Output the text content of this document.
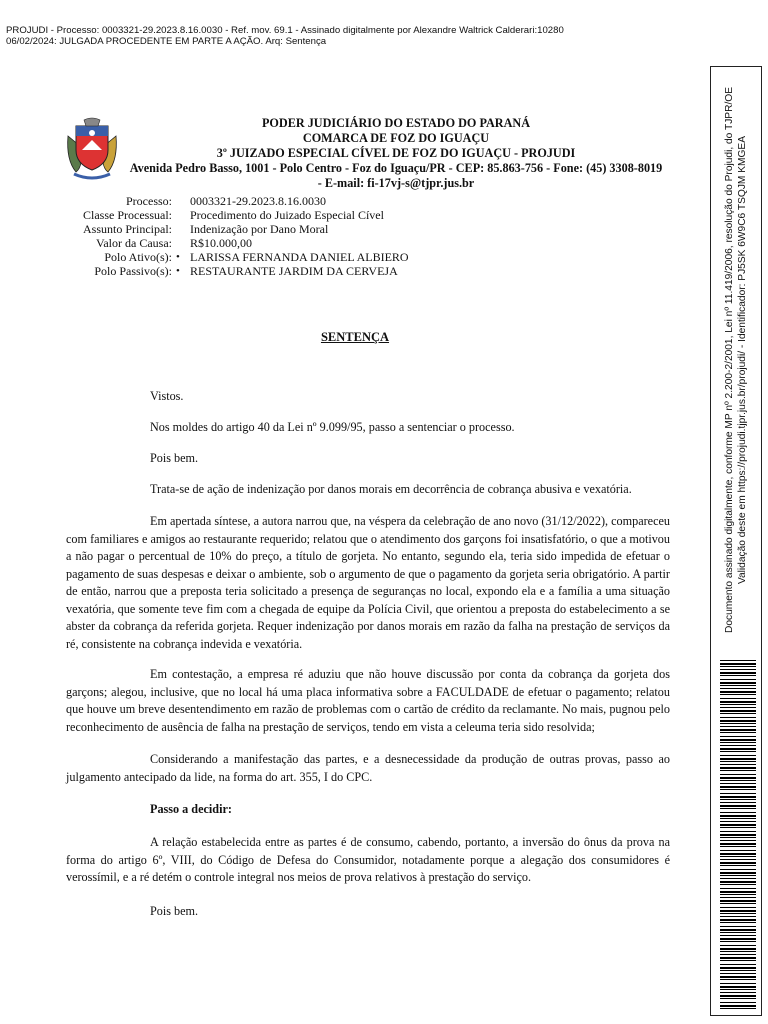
PROJUDI - Processo: 0003321-29.2023.8.16.0030 - Ref. mov. 69.1 - Assinado digitalmente por Alexandre Waltrick Calderari:10280
06/02/2024: JULGADA PROCEDENTE EM PARTE A AÇÃO. Arq: Sentença
PODER JUDICIÁRIO DO ESTADO DO PARANÁ
COMARCA DE FOZ DO IGUAÇU
3º JUIZADO ESPECIAL CÍVEL DE FOZ DO IGUAÇU - PROJUDI
Avenida Pedro Basso, 1001 - Polo Centro - Foz do Iguaçu/PR - CEP: 85.863-756 - Fone: (45) 3308-8019
- E-mail: fi-17vj-s@tjpr.jus.br
Processo:	0003321-29.2023.8.16.0030
Classe Processual:	Procedimento do Juizado Especial Cível
Assunto Principal:	Indenização por Dano Moral
Valor da Causa:	R$10.000,00
Polo Ativo(s): • LARISSA FERNANDA DANIEL ALBIERO
Polo Passivo(s): • RESTAURANTE JARDIM DA CERVEJA
SENTENÇA

Vistos.

Nos moldes do artigo 40 da Lei nº 9.099/95, passo a sentenciar o processo.

Pois bem.

Trata-se de ação de indenização por danos morais em decorrência de cobrança abusiva e vexatória.

Em apertada síntese, a autora narrou que, na véspera da celebração de ano novo (31/12/2022), compareceu com familiares e amigos ao restaurante requerido; relatou que o atendimento dos garçons foi insatisfatório, o que a motivou a não pagar o percentual de 10% do preço, a título de gorjeta. No entanto, segundo ela, teria sido impedida de efetuar o pagamento de suas despesas e deixar o ambiente, sob o argumento de que o pagamento da gorjeta seria obrigatório. A partir de então, narrou que a preposta teria solicitado a presença de seguranças no local, expondo ela e a família a uma situação vexatória, que somente teve fim com a chegada de equipe da Polícia Civil, que orientou a preposta do estabelecimento a se abster da cobrança da referida gorjeta. Requer indenização por danos morais em razão da falha na prestação de serviços da ré, consistente na cobrança indevida e vexatória.

Em contestação, a empresa ré aduziu que não houve discussão por conta da cobrança da gorjeta dos garçons; alegou, inclusive, que no local há uma placa informativa sobre a FACULDADE de efetuar o pagamento; relatou que houve um breve desentendimento em razão de problemas com o cartão de crédito da reclamante. No mais, pugnou pelo reconhecimento de ausência de falha na prestação de serviços, tendo em vista a celeuma teria sido resolvida;

Considerando a manifestação das partes, e a desnecessidade da produção de outras provas, passo ao julgamento antecipado da lide, na forma do art. 355, I do CPC.

Passo a decidir:

A relação estabelecida entre as partes é de consumo, cabendo, portanto, a inversão do ônus da prova na forma do artigo 6º, VIII, do Código de Defesa do Consumidor, notadamente porque a alegação dos consumidores é verossímil, e a ré detém o controle integral nos meios de prova relativos à prestação do serviço.

Pois bem.

Documento assinado digitalmente, conforme MP nº 2.200-2/2001, Lei nº 11.419/2006, resolução do Projudi, do TJPR/OE Validação deste em https://projudi.tjpr.jus.br/projudi/ - Identificador: PJ5SK 6W9C6 TSQJM KMGEA
